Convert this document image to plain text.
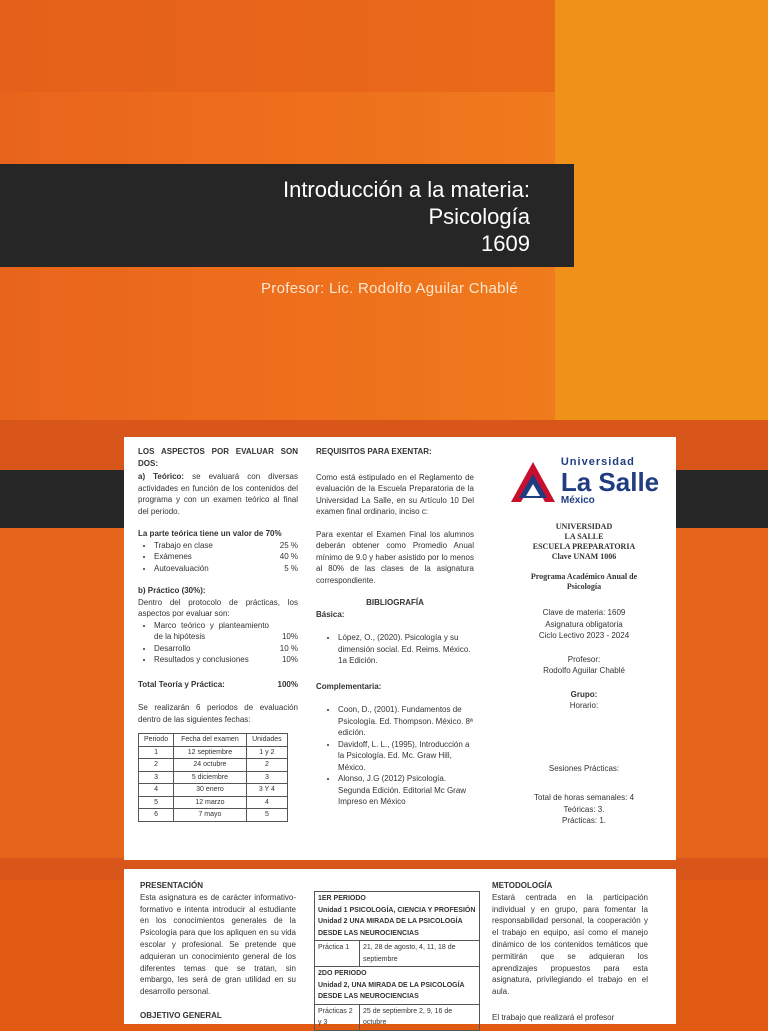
Introducción a la materia:
Psicología
1609
Profesor: Lic. Rodolfo Aguilar Chablé
LOS ASPECTOS POR EVALUAR SON DOS:
a) Teórico: se evaluará con diversas actividades en función de los contenidos del programa y con un examen teórico al final del periodo.
La parte teórica tiene un valor de 70%
• Trabajo en clase	25 %
• Exámenes	40 %
• Autoevaluación	5 %
b) Práctico (30%):
Dentro del protocolo de prácticas, los aspectos por evaluar son:
• Marco teórico y planteamiento de la hipótesis	10%
• Desarrollo	10 %
• Resultados y conclusiones	10%
Total Teoría y Práctica:	100%
Se realizarán 6 periodos de evaluación dentro de las siguientes fechas:
Periodo	Fecha del examen	Unidades
1	12 septiembre	1 y 2
2	24 octubre	2
3	5 diciembre	3
4	30 enero	3 Y 4
5	12 marzo	4
6	7 mayo	5
REQUISITOS PARA EXENTAR:
Como está estipulado en el Reglamento de evaluación de la Escuela Preparatoria de la Universidad La Salle, en su Artículo 10 Del examen final ordinario, inciso c:
Para exentar el Examen Final los alumnos deberán obtener como Promedio Anual mínimo de 9.0 y haber asistido por lo menos al 80% de las clases de la asignatura correspondiente.
BIBLIOGRAFÍA
Básica:
• López, O., (2020). Psicología y su dimensión social. Ed. Reims. México. 1a Edición.
Complementaria:
• Coon, D., (2001). Fundamentos de Psicología. Ed. Thompson. México. 8ª edición.
• Davidoff, L. L., (1995), Introducción a la Psicología. Ed. Mc. Graw Hill, México.
• Alonso, J.G (2012) Psicología. Segunda Edición. Editorial Mc Graw Impreso en México
Universidad
La Salle
México
UNIVERSIDAD
LA SALLE
ESCUELA PREPARATORIA
Clave UNAM 1006
Programa Académico Anual de Psicología
Clave de materia: 1609
Asignatura obligatoria
Ciclo Lectivo 2023 - 2024
Profesor:
Rodolfo Aguilar Chablé
Grupo:
Horario:
Sesiones Prácticas:
Total de horas semanales: 4
Teóricas: 3.
Prácticas: 1.
PRESENTACIÓN
Esta asignatura es de carácter informativo-formativo e intenta introducir al estudiante en los conocimientos generales de la Psicología para que los apliquen en su vida escolar y profesional. Se pretende que adquieran un conocimiento general de los diferentes temas que se tratan, sin embargo, les será de gran utilidad en su desarrollo personal.
OBJETIVO GENERAL
1ER PERIODO
Unidad 1 PSICOLOGÍA, CIENCIA Y PROFESIÓN
Unidad 2 UNA MIRADA DE LA PSICOLOGÍA DESDE LAS NEUROCIENCIAS	

Práctica 1	21, 28 de agosto, 4, 11, 18 de septiembre

2DO PERIODO
Unidad 2, UNA MIRADA DE LA PSICOLOGÍA DESDE LAS NEUROCIENCIAS	

Prácticas 2 y 3	25 de septiembre 2, 9, 16 de octubre
METODOLOGÍA
Estará centrada en la participación individual y en grupo, para fomentar la responsabilidad personal, la cooperación y el trabajo en equipo, así como el manejo dinámico de los contenidos temáticos que permitirán que se adquieran los aprendizajes propuestos para esta asignatura, privilegiando el trabajo en el aula.
El trabajo que realizará el profesor
